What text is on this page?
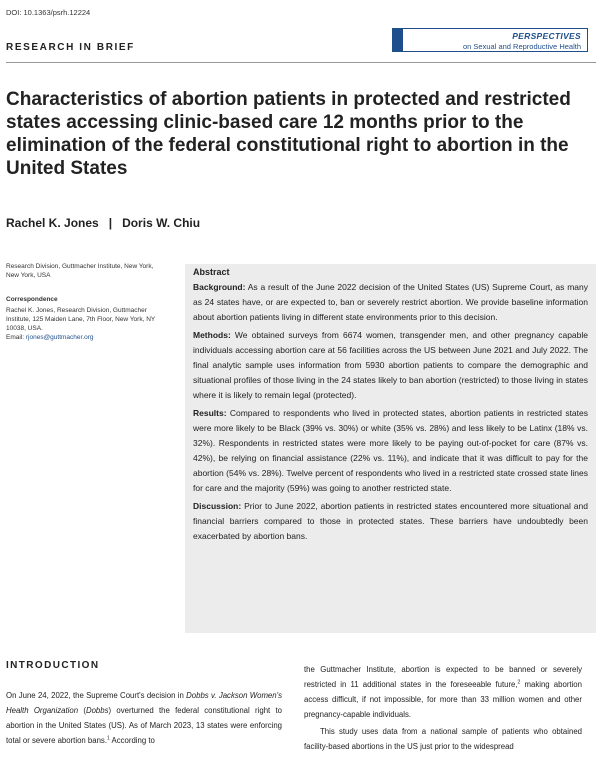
DOI: 10.1363/psrh.12224
RESEARCH IN BRIEF
PERSPECTIVES
on Sexual and Reproductive Health
Characteristics of abortion patients in protected and restricted states accessing clinic-based care 12 months prior to the elimination of the federal constitutional right to abortion in the United States
Rachel K. Jones   |   Doris W. Chiu
Research Division, Guttmacher Institute, New York, New York, USA
Correspondence
Rachel K. Jones, Research Division, Guttmacher Institute, 125 Maiden Lane, 7th Floor, New York, NY 10038, USA.
Email: rjones@guttmacher.org
Abstract

Background: As a result of the June 2022 decision of the United States (US) Supreme Court, as many as 24 states have, or are expected to, ban or severely restrict abortion. We provide baseline information about abortion patients living in different state environments prior to this decision.

Methods: We obtained surveys from 6674 women, transgender men, and other pregnancy capable individuals accessing abortion care at 56 facilities across the US between June 2021 and July 2022. The final analytic sample uses information from 5930 abortion patients to compare the demographic and situational profiles of those living in the 24 states likely to ban abortion (restricted) to those living in states where it is likely to remain legal (protected).

Results: Compared to respondents who lived in protected states, abortion patients in restricted states were more likely to be Black (39% vs. 30%) or white (35% vs. 28%) and less likely to be Latinx (18% vs. 32%). Respondents in restricted states were more likely to be paying out-of-pocket for care (87% vs. 42%), be relying on financial assistance (22% vs. 11%), and indicate that it was difficult to pay for the abortion (54% vs. 28%). Twelve percent of respondents who lived in a restricted state crossed state lines for care and the majority (59%) was going to another restricted state.

Discussion: Prior to June 2022, abortion patients in restricted states encountered more situational and financial barriers compared to those in protected states. These barriers have undoubtedly been exacerbated by abortion bans.

INTRODUCTION

On June 24, 2022, the Supreme Court's decision in Dobbs v. Jackson Women's Health Organization (Dobbs) overturned the federal constitutional right to abortion in the United States (US). As of March 2023, 13 states were enforcing total or severe abortion bans.$^1$ According to

the Guttmacher Institute, abortion is expected to be banned or severely restricted in 11 additional states in the foreseeable future,$^2$ making abortion access difficult, if not impossible, for more than 33 million women and other pregnancy-capable individuals.

This study uses data from a national sample of patients who obtained facility-based abortions in the US just prior to the widespread
